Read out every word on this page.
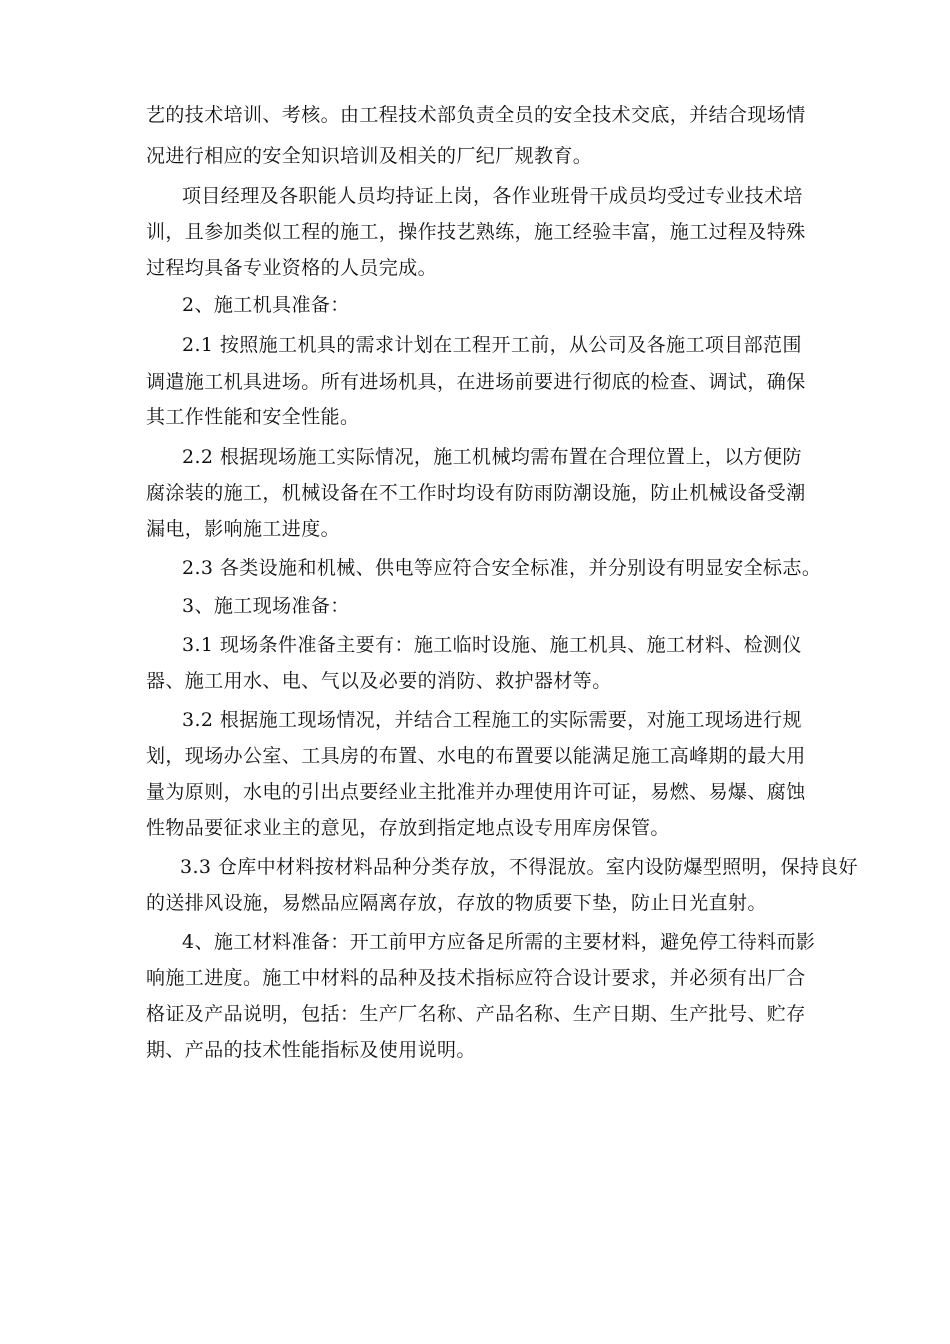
艺的技术培训、考核。由工程技术部负责全员的安全技术交底，并结合现场情
况进行相应的安全知识培训及相关的厂纪厂规教育。
项目经理及各职能人员均持证上岗，各作业班骨干成员均受过专业技术培
训，且参加类似工程的施工，操作技艺熟练，施工经验丰富，施工过程及特殊
过程均具备专业资格的人员完成。
2、施工机具准备：
2.1 按照施工机具的需求计划在工程开工前，从公司及各施工项目部范围
调遣施工机具进场。所有进场机具，在进场前要进行彻底的检查、调试，确保
其工作性能和安全性能。
2.2 根据现场施工实际情况，施工机械均需布置在合理位置上，以方便防
腐涂装的施工，机械设备在不工作时均设有防雨防潮设施，防止机械设备受潮
漏电，影响施工进度。
2.3 各类设施和机械、供电等应符合安全标准，并分别设有明显安全标志。
3、施工现场准备：
3.1 现场条件准备主要有：施工临时设施、施工机具、施工材料、检测仪
器、施工用水、电、气以及必要的消防、救护器材等。
3.2 根据施工现场情况，并结合工程施工的实际需要，对施工现场进行规
划，现场办公室、工具房的布置、水电的布置要以能满足施工高峰期的最大用
量为原则，水电的引出点要经业主批准并办理使用许可证，易燃、易爆、腐蚀
性物品要征求业主的意见，存放到指定地点设专用库房保管。
3.3 仓库中材料按材料品种分类存放，不得混放。室内设防爆型照明，保持良好
的送排风设施，易燃品应隔离存放，存放的物质要下垫，防止日光直射。
4、施工材料准备：开工前甲方应备足所需的主要材料，避免停工待料而影
响施工进度。施工中材料的品种及技术指标应符合设计要求，并必须有出厂合
格证及产品说明，包括：生产厂名称、产品名称、生产日期、生产批号、贮存
期、产品的技术性能指标及使用说明。
